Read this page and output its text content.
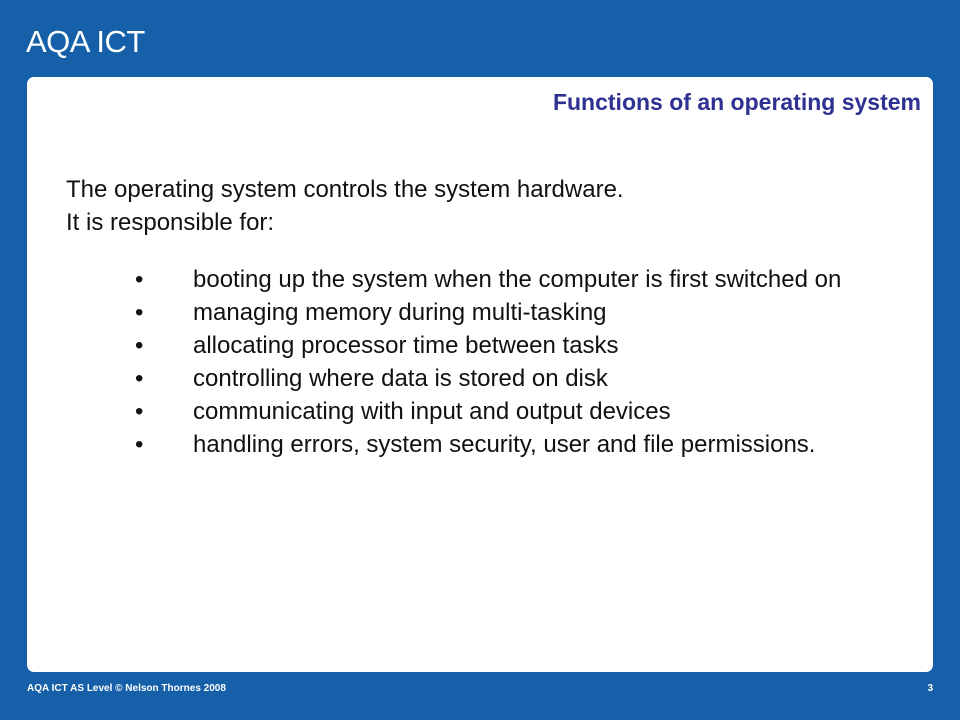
AQA ICT
Functions of an operating system
The operating system controls the system hardware.
It is responsible for:
• booting up the system when the computer is first switched on
• managing memory during multi-tasking
• allocating processor time between tasks
• controlling where data is stored on disk
• communicating with input and output devices
• handling errors, system security, user and file permissions.
AQA ICT AS Level © Nelson Thornes 2008	3
